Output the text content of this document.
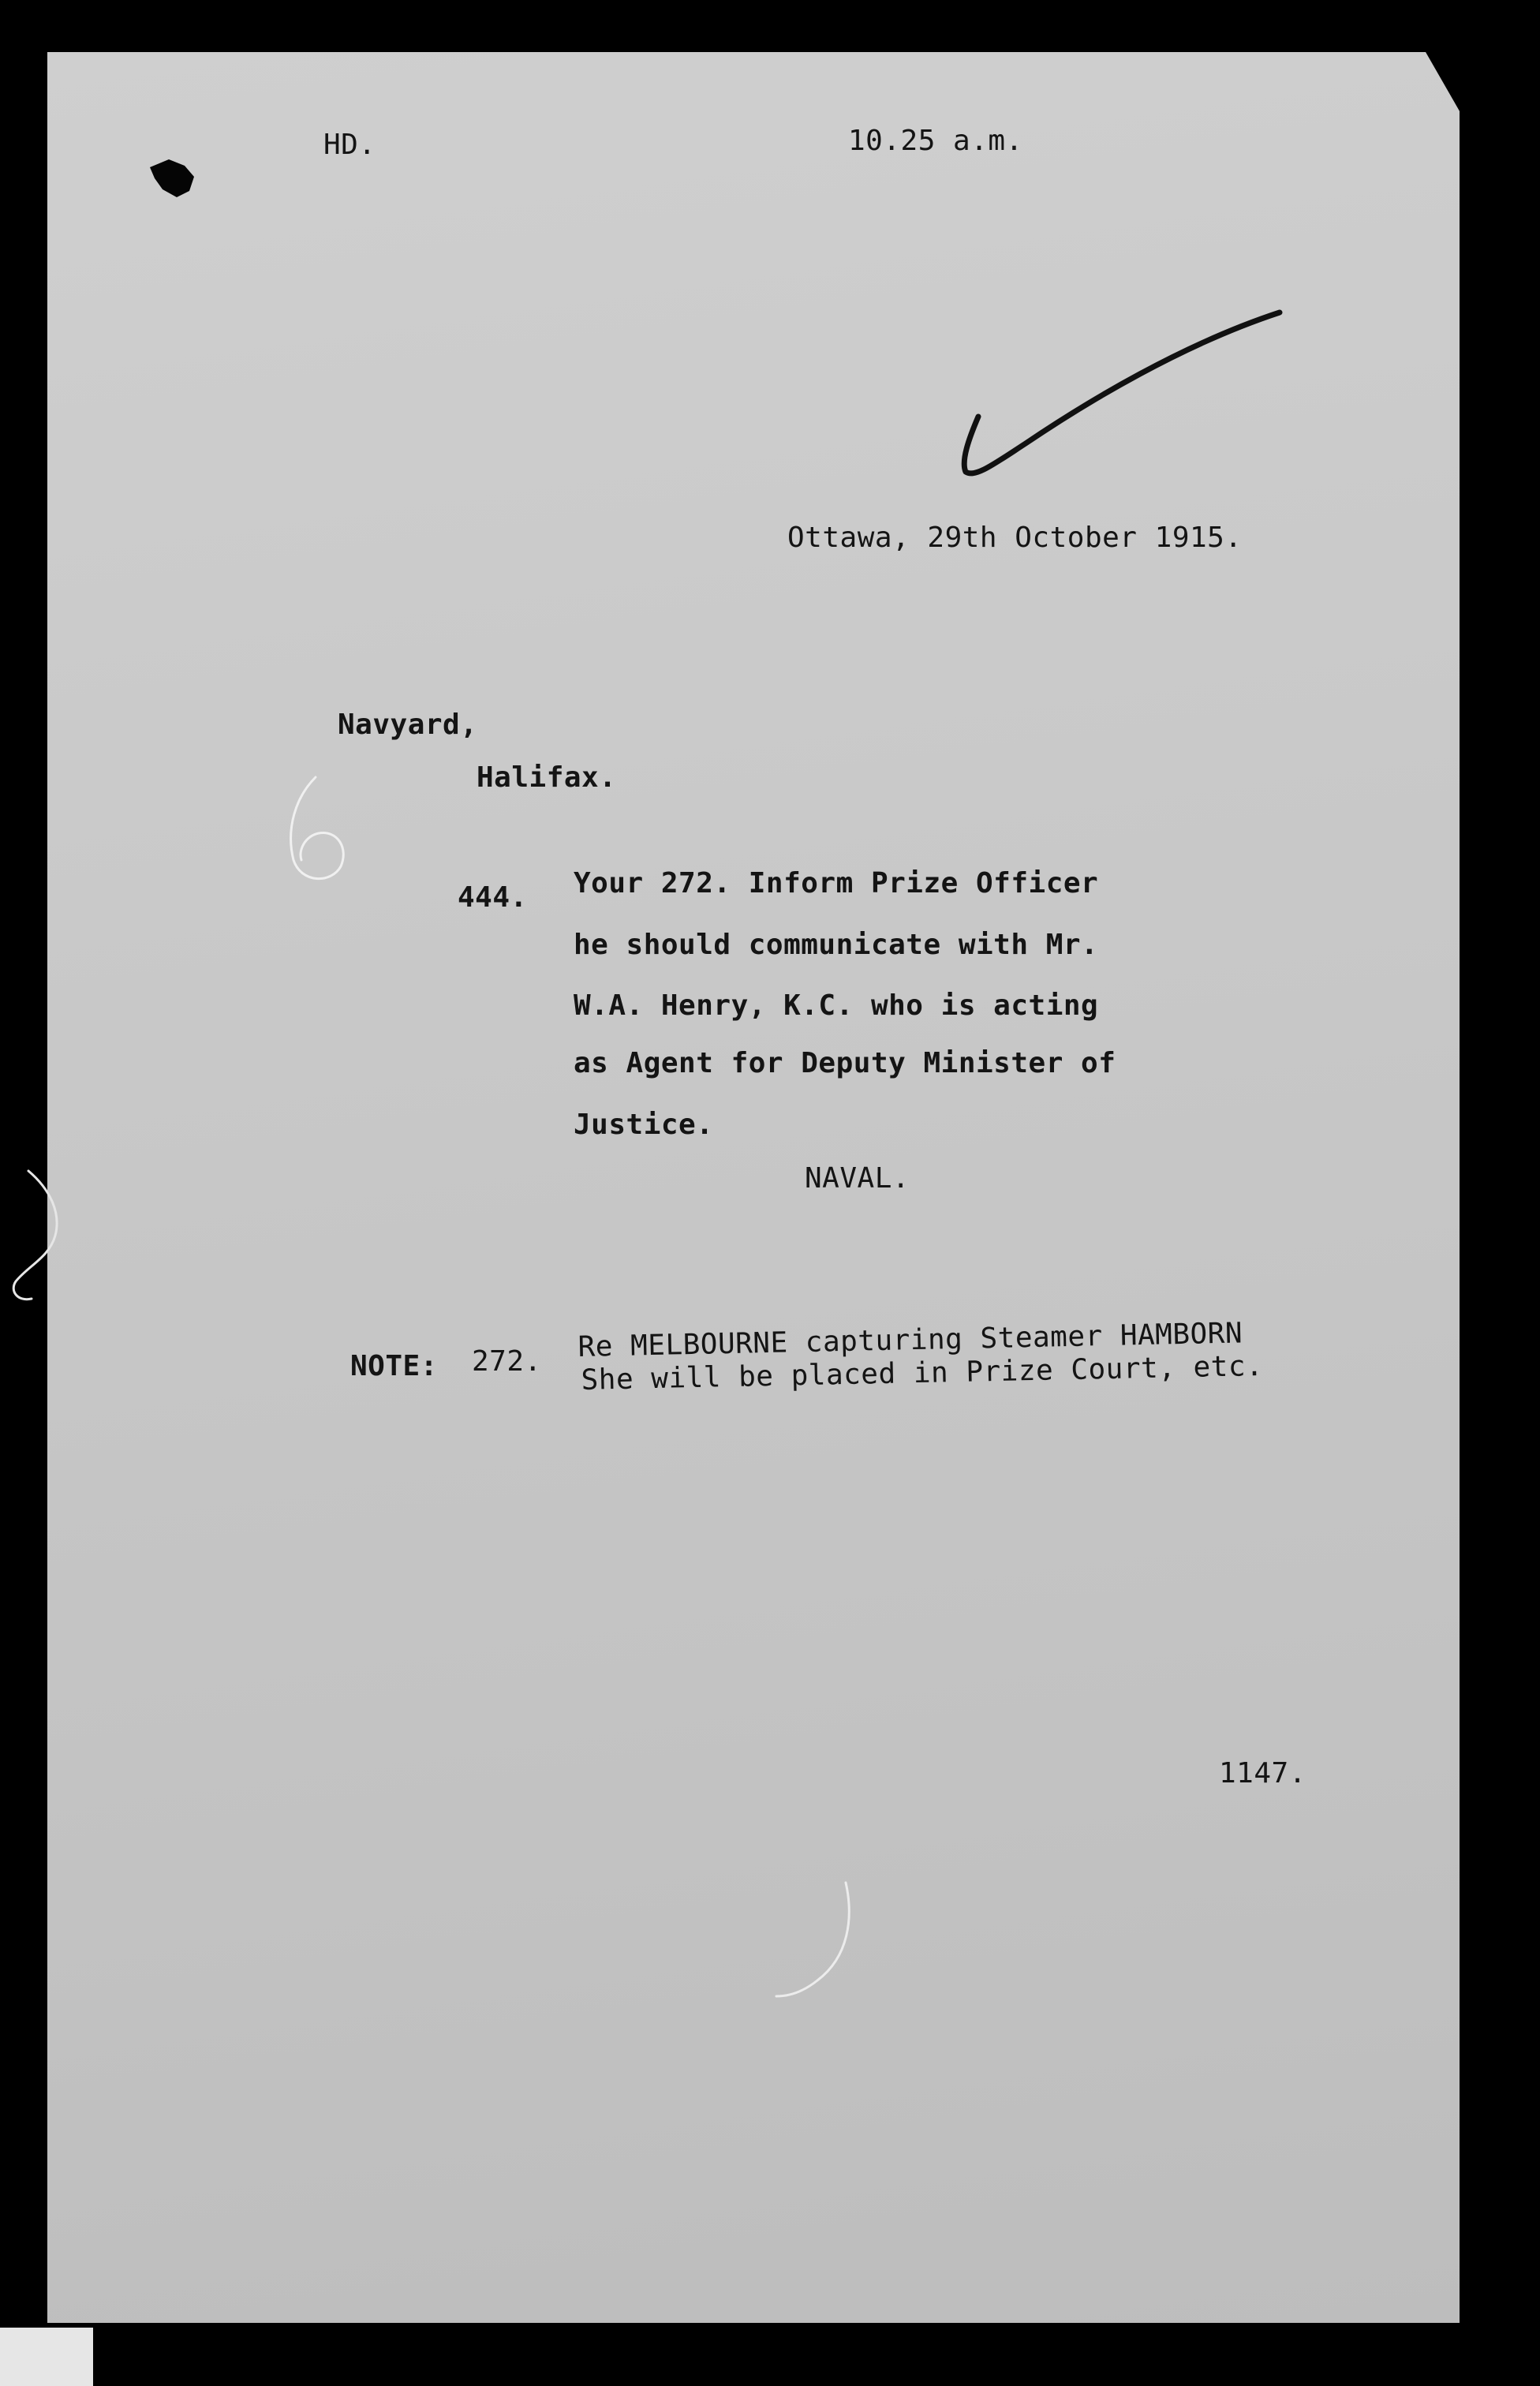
HD.	10.25 a.m.
Ottawa, 29th October 1915.
Navyard,
Halifax.
444. Your 272. Inform Prize Officer
he should communicate with Mr.
W.A. Henry, K.C. who is acting
as Agent for Deputy Minister of
Justice.
NAVAL.
NOTE: 272. Re MELBOURNE capturing Steamer HAMBORN
She will be placed in Prize Court, etc.
1147.
